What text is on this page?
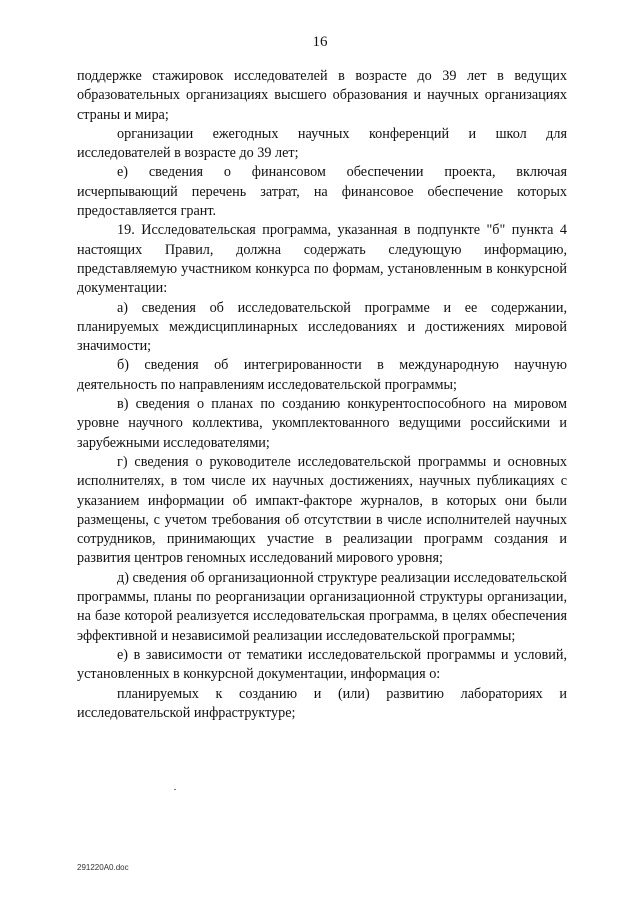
16

поддержке стажировок исследователей в возрасте до 39 лет в ведущих образовательных организациях высшего образования и научных организациях страны и мира;

организации ежегодных научных конференций и школ для исследователей в возрасте до 39 лет;

е) сведения о финансовом обеспечении проекта, включая исчерпывающий перечень затрат, на финансовое обеспечение которых предоставляется грант.

19. Исследовательская программа, указанная в подпункте "б" пункта 4 настоящих Правил, должна содержать следующую информацию, представляемую участником конкурса по формам, установленным в конкурсной документации:

а) сведения об исследовательской программе и ее содержании, планируемых междисциплинарных исследованиях и достижениях мировой значимости;

б) сведения об интегрированности в международную научную деятельность по направлениям исследовательской программы;

в) сведения о планах по созданию конкурентоспособного на мировом уровне научного коллектива, укомплектованного ведущими российскими и зарубежными исследователями;

г) сведения о руководителе исследовательской программы и основных исполнителях, в том числе их научных достижениях, научных публикациях с указанием информации об импакт-факторе журналов, в которых они были размещены, с учетом требования об отсутствии в числе исполнителей научных сотрудников, принимающих участие в реализации программ создания и развития центров геномных исследований мирового уровня;

д) сведения об организационной структуре реализации исследовательской программы, планы по реорганизации организационной структуры организации, на базе которой реализуется исследовательская программа, в целях обеспечения эффективной и независимой реализации исследовательской программы;

е) в зависимости от тематики исследовательской программы и условий, установленных в конкурсной документации, информация о:

планируемых к созданию и (или) развитию лабораториях и исследовательской инфраструктуре;

291220A0.doc
